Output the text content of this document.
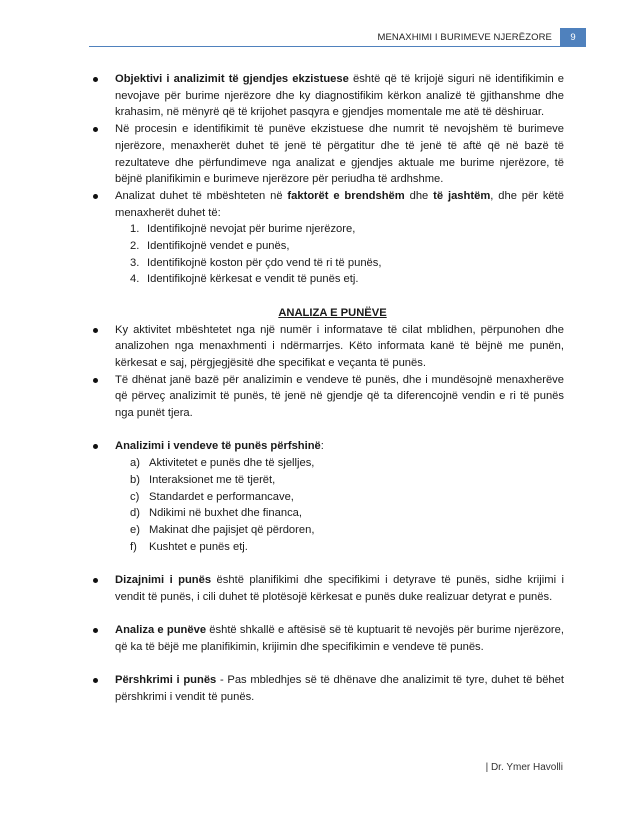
MENAXHIMI I BURIMEVE NJERËZORE	9
Objektivi i analizimit të gjendjes ekzistuese është që të krijojë siguri në identifikimin e nevojave për burime njerëzore dhe ky diagnostifikim kërkon analizë të gjithanshme dhe krahasim, në mënyrë që të krijohet pasqyra e gjendjes momentale me atë të dëshiruar.
Në procesin e identifikimit të punëve ekzistuese dhe numrit të nevojshëm të burimeve njerëzore, menaxherët duhet të jenë të përgatitur dhe të jenë të aftë që në bazë të rezultateve dhe përfundimeve nga analizat e gjendjes aktuale me burime njerëzore, të bëjnë planifikimin e burimeve njerëzore për periudha të ardhshme.
Analizat duhet të mbështeten në faktorët e brendshëm dhe të jashtëm, dhe për këtë menaxherët duhet të:
1. Identifikojnë nevojat për burime njerëzore,
2. Identifikojnë vendet e punës,
3. Identifikojnë koston për çdo vend të ri të punës,
4. Identifikojnë kërkesat e vendit të punës etj.
ANALIZA E PUNËVE
Ky aktivitet mbështetet nga një numër i informatave të cilat mblidhen, përpunohen dhe analizohen nga menaxhmenti i ndërmarrjes. Këto informata kanë të bëjnë me punën, kërkesat e saj, përgjegjësitë dhe specifikat e veçanta të punës.
Të dhënat janë bazë për analizimin e vendeve të punës, dhe i mundësojnë menaxherëve që përveç analizimit të punës, të jenë në gjendje që ta diferencojnë vendin e ri të punës nga punët tjera.
Analizimi i vendeve të punës përfshinë:
a) Aktivitetet e punës dhe të sjelljes,
b) Interaksionet me të tjerët,
c) Standardet e performancave,
d) Ndikimi në buxhet dhe financa,
e) Makinat dhe pajisjet që përdoren,
f)	Kushtet e punës etj.
Dizajnimi i punës është planifikimi dhe specifikimi i detyrave të punës, sidhe krijimi i vendit të punës, i cili duhet të plotësojë kërkesat e punës duke realizuar detyrat e punës.
Analiza e punëve është shkallë e aftësisë së të kuptuarit të nevojës për burime njerëzore, që ka të bëjë me planifikimin, krijimin dhe specifikimin e vendeve të punës.
Përshkrimi i punës - Pas mbledhjes së të dhënave dhe analizimit të tyre, duhet të bëhet përshkrimi i vendit të punës.
| Dr. Ymer Havolli
